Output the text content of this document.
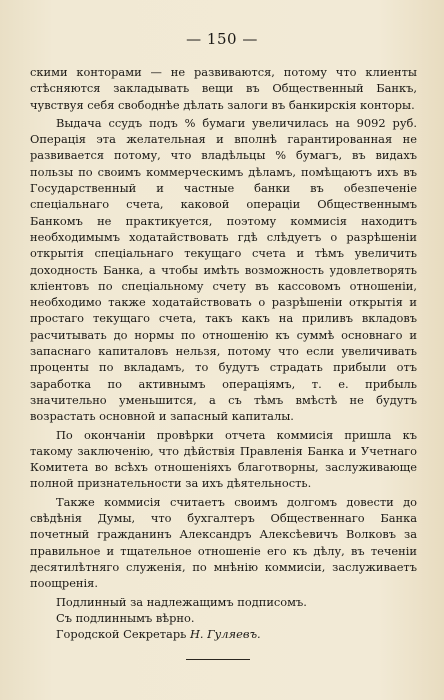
— 150 —

скими конторами — не развиваются, потому что клиенты стѣсняются закладывать вещи въ Общественный Банкъ, чувствуя себя свободнѣе дѣлать залоги въ банкирскія конторы.

Выдача ссудъ подъ % бумаги увеличилась на 9092 руб. Операція эта желательная и вполнѣ гарантированная не развивается потому, что владѣльцы % бумагъ, въ видахъ пользы по своимъ коммерческимъ дѣламъ, помѣщаютъ ихъ въ Государственный и частные банки въ обезпеченіе спеціальнаго счета, каковой операціи Общественнымъ Банкомъ не практикуется, поэтому коммисія находитъ необходимымъ ходатайствовать гдѣ слѣдуетъ о разрѣшеніи открытія спеціальнаго текущаго счета и тѣмъ увеличить доходность Банка, а чтобы имѣть возможность удовлетворять клiентовъ по спеціальному счету въ кассовомъ отношеніи, необходимо также ходатайствовать о разрѣшеніи открытія и простаго текущаго счета, такъ какъ на приливъ вкладовъ расчитывать до нормы по отношенію къ суммѣ основнаго и запаснаго капиталовъ нельзя, потому что если увеличивать проценты по вкладамъ, то будутъ страдать прибыли отъ заработка по активнымъ операціямъ, т. е. прибыль значительно уменьшится, а съ тѣмъ вмѣстѣ не будутъ возрастать основной и запасный капиталы.

По окончаніи провѣрки отчета коммисія пришла къ такому заключенію, что дѣйствія Правленія Банка и Учетнаго Комитета во всѣхъ отношеніяхъ благотворны, заслуживающе полной признательности за ихъ дѣятельность.

Также коммисія считаетъ своимъ долгомъ довести до свѣдѣнія Думы, что бухгалтеръ Общественнаго Банка почетный гражданинъ Александръ Алексѣевичъ Волковъ за правильное и тщательное отношеніе его къ дѣлу, въ теченіи десятилѣтняго служенія, по мнѣнію коммисіи, заслуживаетъ поощренія.

Подлинный за надлежащимъ подписомъ.

Съ подлиннымъ вѣрно.

Городской Секретарь Н. Гуляевъ.
